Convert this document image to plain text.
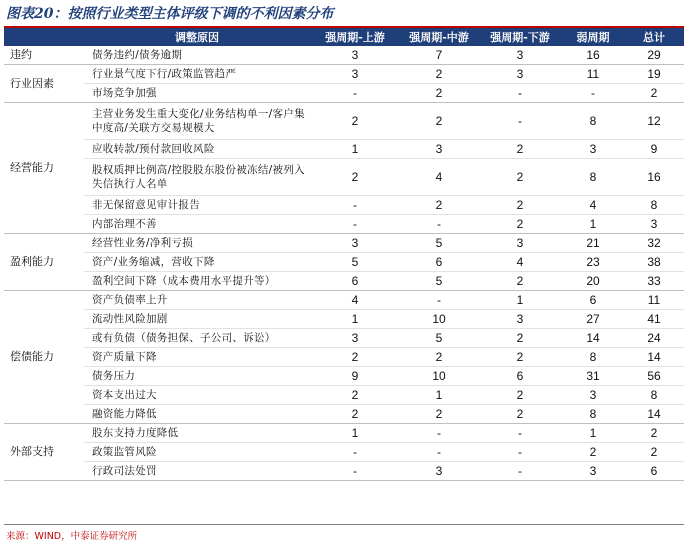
图表20：按照行业类型主体评级下调的不利因素分布
	调整原因	强周期-上游	强周期-中游	强周期-下游	弱周期	总计
违约	债务违约/债务逾期	3	7	3	16	29
行业因素	行业景气度下行/政策监管趋严	3	2	3	11	19
	市场竞争加强	-	2	-	-	2
经营能力	主营业务发生重大变化/业务结构单一/客户集中度高/关联方交易规模大	2	2	-	8	12
	应收转款/预付款回收风险	1	3	2	3	9
	股权质押比例高/控股股东股份被冻结/被列入失信执行人名单	2	4	2	8	16
	非无保留意见审计报告	-	2	2	4	8
	内部治理不善	-	-	2	1	3
盈利能力	经营性业务/净利亏损	3	5	3	21	32
	资产/业务缩减，营收下降	5	6	4	23	38
	盈利空间下降（成本费用水平提升等）	6	5	2	20	33
偿债能力	资产负债率上升	4	-	1	6	11
	流动性风险加剧	1	10	3	27	41
	或有负债（债务担保、子公司、诉讼）	3	5	2	14	24
	资产质量下降	2	2	2	8	14
	债务压力	9	10	6	31	56
	资本支出过大	2	1	2	3	8
	融资能力降低	2	2	2	8	14
外部支持	股东支持力度降低	1	-	-	1	2
	政策监管风险	-	-	-	2	2
	行政司法处罚	-	3	-	3	6
来源：WIND，中泰证券研究所
